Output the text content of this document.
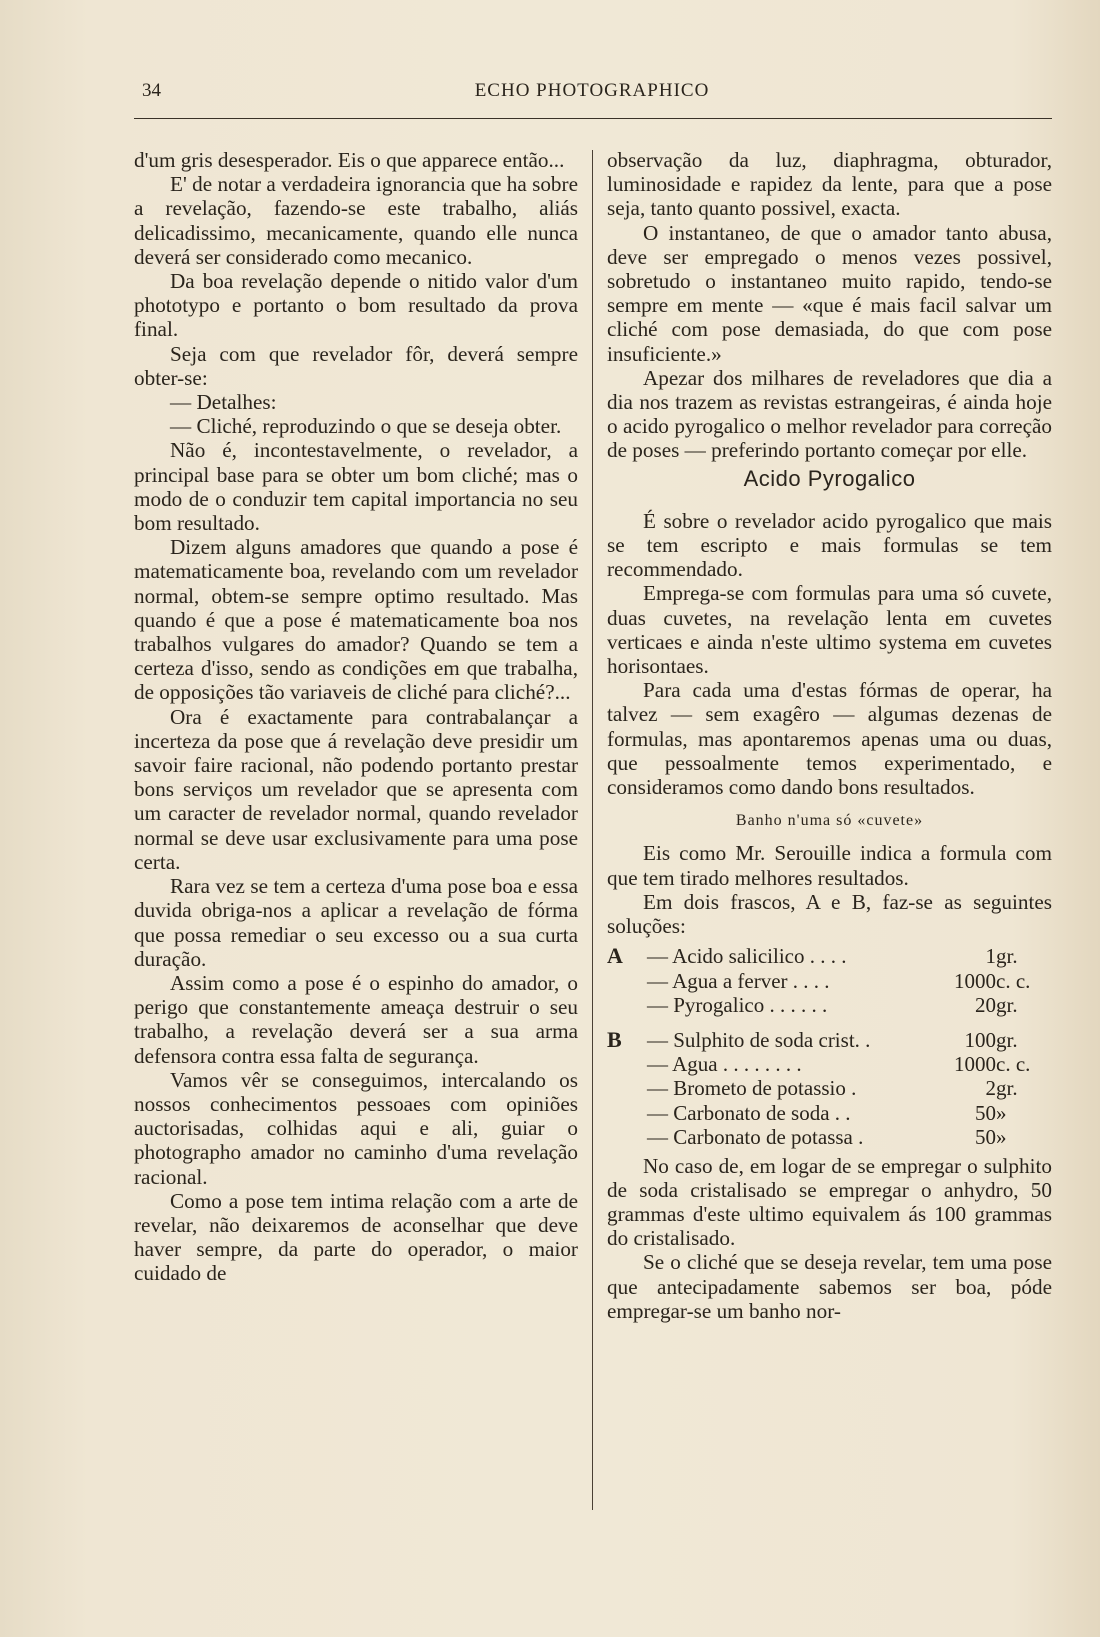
34	ECHO PHOTOGRAPHICO

d'um gris desesperador. Eis o que apparece então...

E' de notar a verdadeira ignorancia que ha sobre a revelação, fazendo-se este trabalho, aliás delicadissimo, mecanicamente, quando elle nunca deverá ser considerado como mecanico.

Da boa revelação depende o nitido valor d'um phototypo e portanto o bom resultado da prova final.

Seja com que revelador fôr, deverá sempre obter-se:

— Detalhes:

— Cliché, reproduzindo o que se deseja obter.

Não é, incontestavelmente, o revelador, a principal base para se obter um bom cliché; mas o modo de o conduzir tem capital importancia no seu bom resultado.

Dizem alguns amadores que quando a pose é matematicamente boa, revelando com um revelador normal, obtem-se sempre optimo resultado. Mas quando é que a pose é matematicamente boa nos trabalhos vulgares do amador? Quando se tem a certeza d'isso, sendo as condições em que trabalha, de opposições tão variaveis de cliché para cliché?...

Ora é exactamente para contrabalançar a incerteza da pose que á revelação deve presidir um savoir faire racional, não podendo portanto prestar bons serviços um revelador que se apresenta com um caracter de revelador normal, quando revelador normal se deve usar exclusivamente para uma pose certa.

Rara vez se tem a certeza d'uma pose boa e essa duvida obriga-nos a aplicar a revelação de fórma que possa remediar o seu excesso ou a sua curta duração.

Assim como a pose é o espinho do amador, o perigo que constantemente ameaça destruir o seu trabalho, a revelação deverá ser a sua arma defensora contra essa falta de segurança.

Vamos vêr se conseguimos, intercalando os nossos conhecimentos pessoaes com opiniões auctorisadas, colhidas aqui e ali, guiar o photographo amador no caminho d'uma revelação racional.

Como a pose tem intima relação com a arte de revelar, não deixaremos de aconselhar que deve haver sempre, da parte do operador, o maior cuidado de

observação da luz, diaphragma, obturador, luminosidade e rapidez da lente, para que a pose seja, tanto quanto possivel, exacta.

O instantaneo, de que o amador tanto abusa, deve ser empregado o menos vezes possivel, sobretudo o instantaneo muito rapido, tendo-se sempre em mente — «que é mais facil salvar um cliché com pose demasiada, do que com pose insuficiente.»

Apezar dos milhares de reveladores que dia a dia nos trazem as revistas estrangeiras, é ainda hoje o acido pyrogalico o melhor revelador para correção de poses — preferindo portanto começar por elle.

Acido Pyrogalico

É sobre o revelador acido pyrogalico que mais se tem escripto e mais formulas se tem recommendado.

Emprega-se com formulas para uma só cuvete, duas cuvetes, na revelação lenta em cuvetes verticaes e ainda n'este ultimo systema em cuvetes horisontaes.

Para cada uma d'estas fórmas de operar, ha talvez — sem exagêro — algumas dezenas de formulas, mas apontaremos apenas uma ou duas, que pessoalmente temos experimentado, e consideramos como dando bons resultados.

Banho n'uma só «cuvete»

Eis como Mr. Serouille indica a formula com que tem tirado melhores resultados.

Em dois frascos, A e B, faz-se as seguintes soluções:

A	— Acido salicilico . . . .	1	gr.
	— Agua a ferver . . . .	1000	c. c.
	— Pyrogalico . . . . . .	20	gr.

B	— Sulphito de soda crist. .	100	gr.
	— Agua . . . . . . . .	1000	c. c.
	— Brometo de potassio .	2	gr.
	— Carbonato de soda . .	50	»
	— Carbonato de potassa .	50	»

No caso de, em logar de se empregar o sulphito de soda cristalisado se empregar o anhydro, 50 grammas d'este ultimo equivalem ás 100 grammas do cristalisado.

Se o cliché que se deseja revelar, tem uma pose que antecipadamente sabemos ser boa, póde empregar-se um banho nor-
